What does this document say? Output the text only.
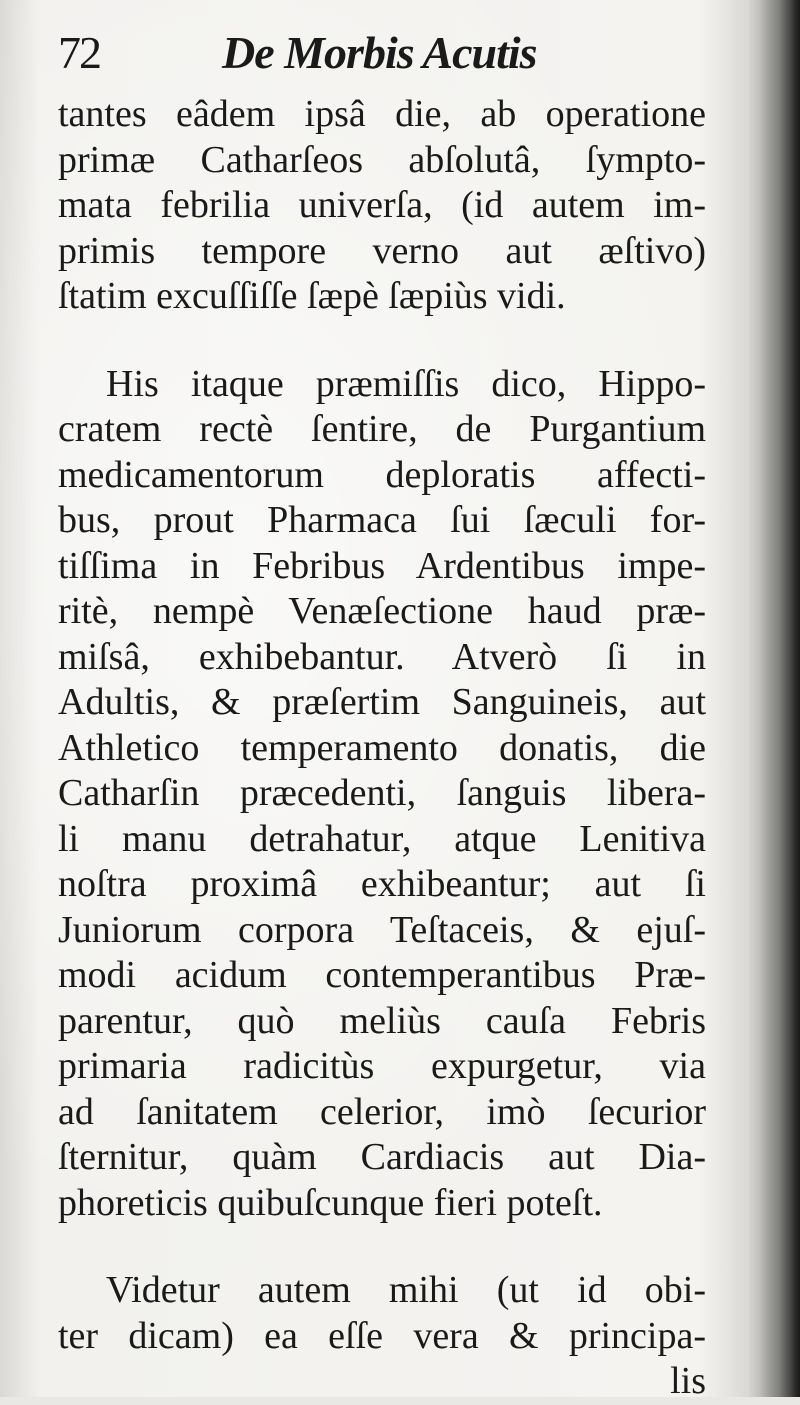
72	De Morbis Acutis
tantes eâdem ipsâ die, ab operatione
primæ Catharſeos abſolutâ, ſympto-
mata febrilia univerſa, (id autem im-
primis tempore verno aut æſtivo)
ſtatim excuſſiſſe ſæpè ſæpiùs vidi.
His itaque præmiſſis dico, Hippo-
cratem rectè ſentire, de Purgantium
medicamentorum deploratis affecti-
bus, prout Pharmaca ſui ſæculi for-
tiſſima in Febribus Ardentibus impe-
ritè, nempè Venæſectione haud præ-
miſsâ, exhibebantur. Atverò ſi in
Adultis, & præſertim Sanguineis, aut
Athletico temperamento donatis, die
Catharſin præcedenti, ſanguis libera-
li manu detrahatur, atque Lenitiva
noſtra proximâ exhibeantur; aut ſi
Juniorum corpora Teſtaceis, & ejuſ-
modi acidum contemperantibus Præ-
parentur, quò meliùs cauſa Febris
primaria radicitùs expurgetur, via
ad ſanitatem celerior, imò ſecurior
ſternitur, quàm Cardiacis aut Dia-
phoreticis quibuſcunque fieri poteſt.
Videtur autem mihi (ut id obi-
ter dicam) ea eſſe vera & principa-
lis
